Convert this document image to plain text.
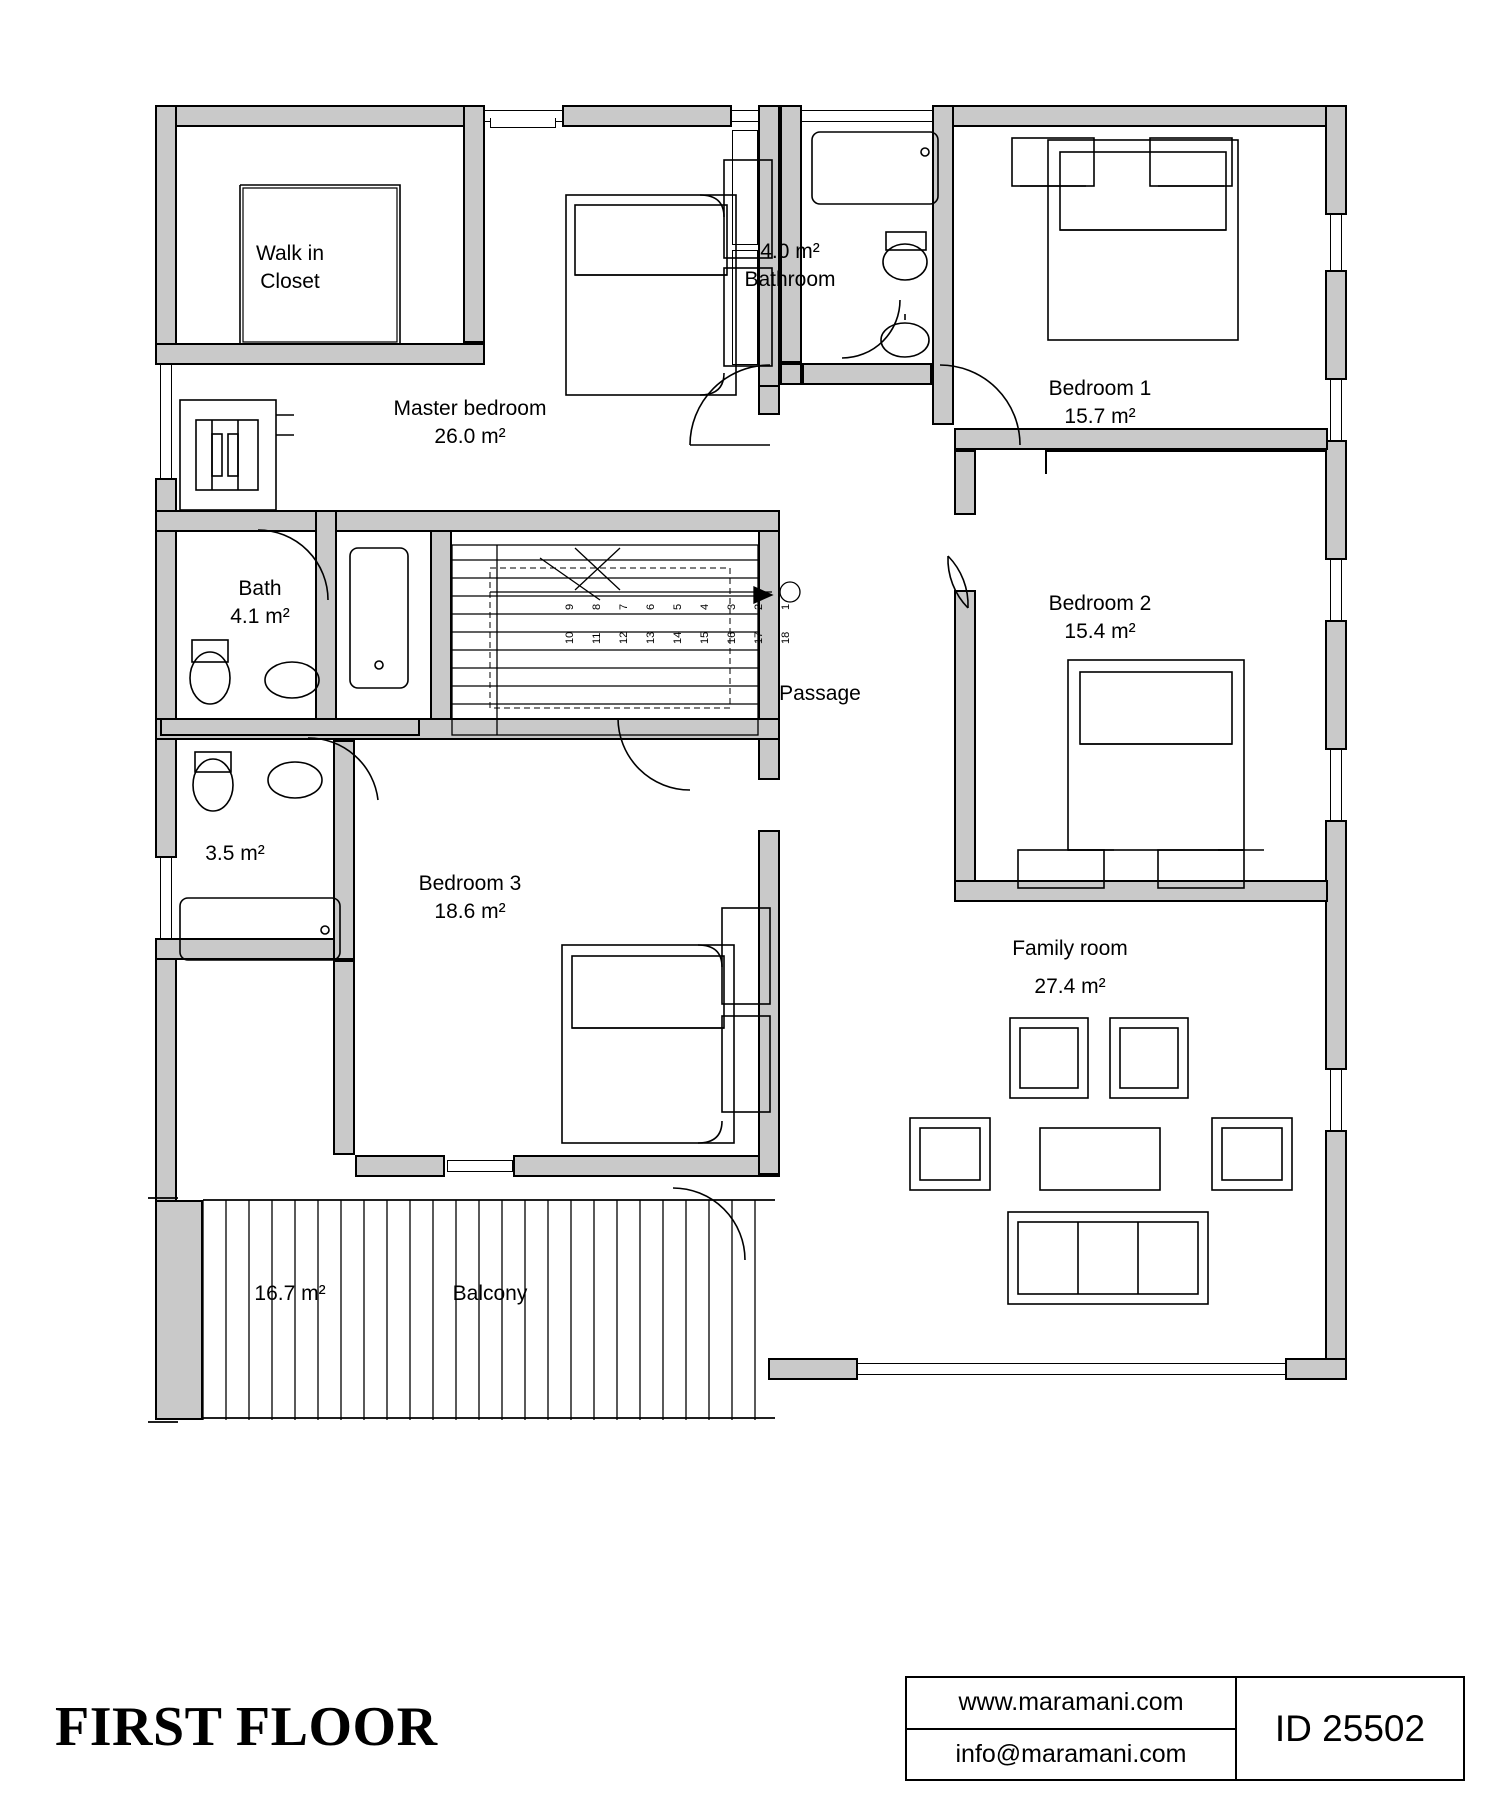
1
2
3
4
5
6
7
8
9
18
17
16
15
14
13
12
11
10
Walk in
Closet
Master bedroom
26.0 m²
4.0 m²
Bathroom
Bedroom 1
15.7 m²
Bedroom 2
15.4 m²
Bath
4.1 m²
3.5 m²
Bedroom 3
18.6 m²
Passage
Family room
27.4 m²
16.7 m²	Balcony
FIRST FLOOR	www.maramani.com
info@maramani.com
ID 25502
